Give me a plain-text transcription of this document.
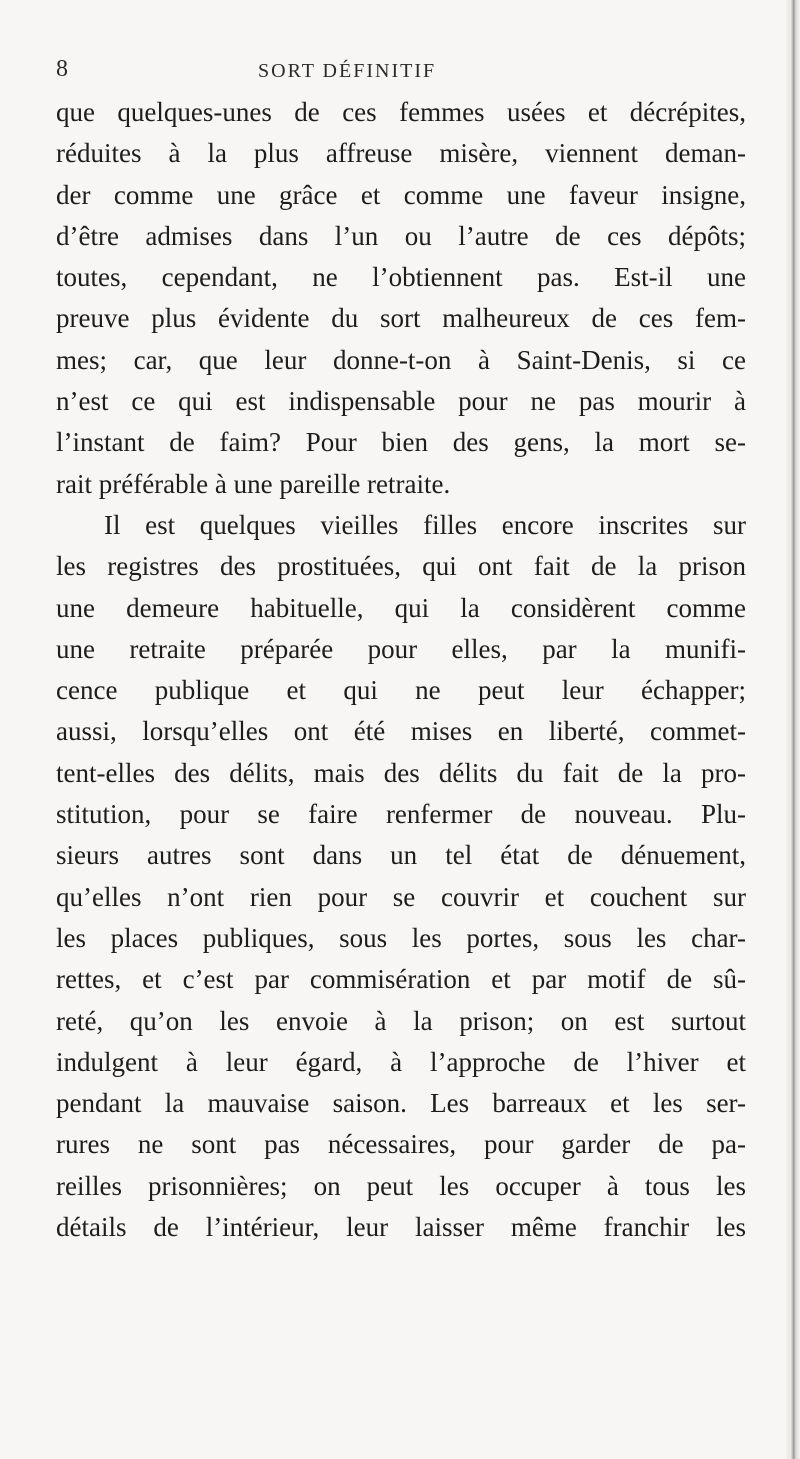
8	SORT DÉFINITIF
que quelques-unes de ces femmes usées et décrépites,
réduites à la plus affreuse misère, viennent deman-
der comme une grâce et comme une faveur insigne,
d’être admises dans l’un ou l’autre de ces dépôts;
toutes, cependant, ne l’obtiennent pas. Est-il une
preuve plus évidente du sort malheureux de ces fem-
mes; car, que leur donne-t-on à Saint-Denis, si ce
n’est ce qui est indispensable pour ne pas mourir à
l’instant de faim? Pour bien des gens, la mort se-
rait préférable à une pareille retraite.
Il est quelques vieilles filles encore inscrites sur
les registres des prostituées, qui ont fait de la prison
une demeure habituelle, qui la considèrent comme
une retraite préparée pour elles, par la munifi-
cence publique et qui ne peut leur échapper;
aussi, lorsqu’elles ont été mises en liberté, commet-
tent-elles des délits, mais des délits du fait de la pro-
stitution, pour se faire renfermer de nouveau. Plu-
sieurs autres sont dans un tel état de dénuement,
qu’elles n’ont rien pour se couvrir et couchent sur
les places publiques, sous les portes, sous les char-
rettes, et c’est par commisération et par motif de sû-
reté, qu’on les envoie à la prison; on est surtout
indulgent à leur égard, à l’approche de l’hiver et
pendant la mauvaise saison. Les barreaux et les ser-
rures ne sont pas nécessaires, pour garder de pa-
reilles prisonnières; on peut les occuper à tous les
détails de l’intérieur, leur laisser même franchir les
